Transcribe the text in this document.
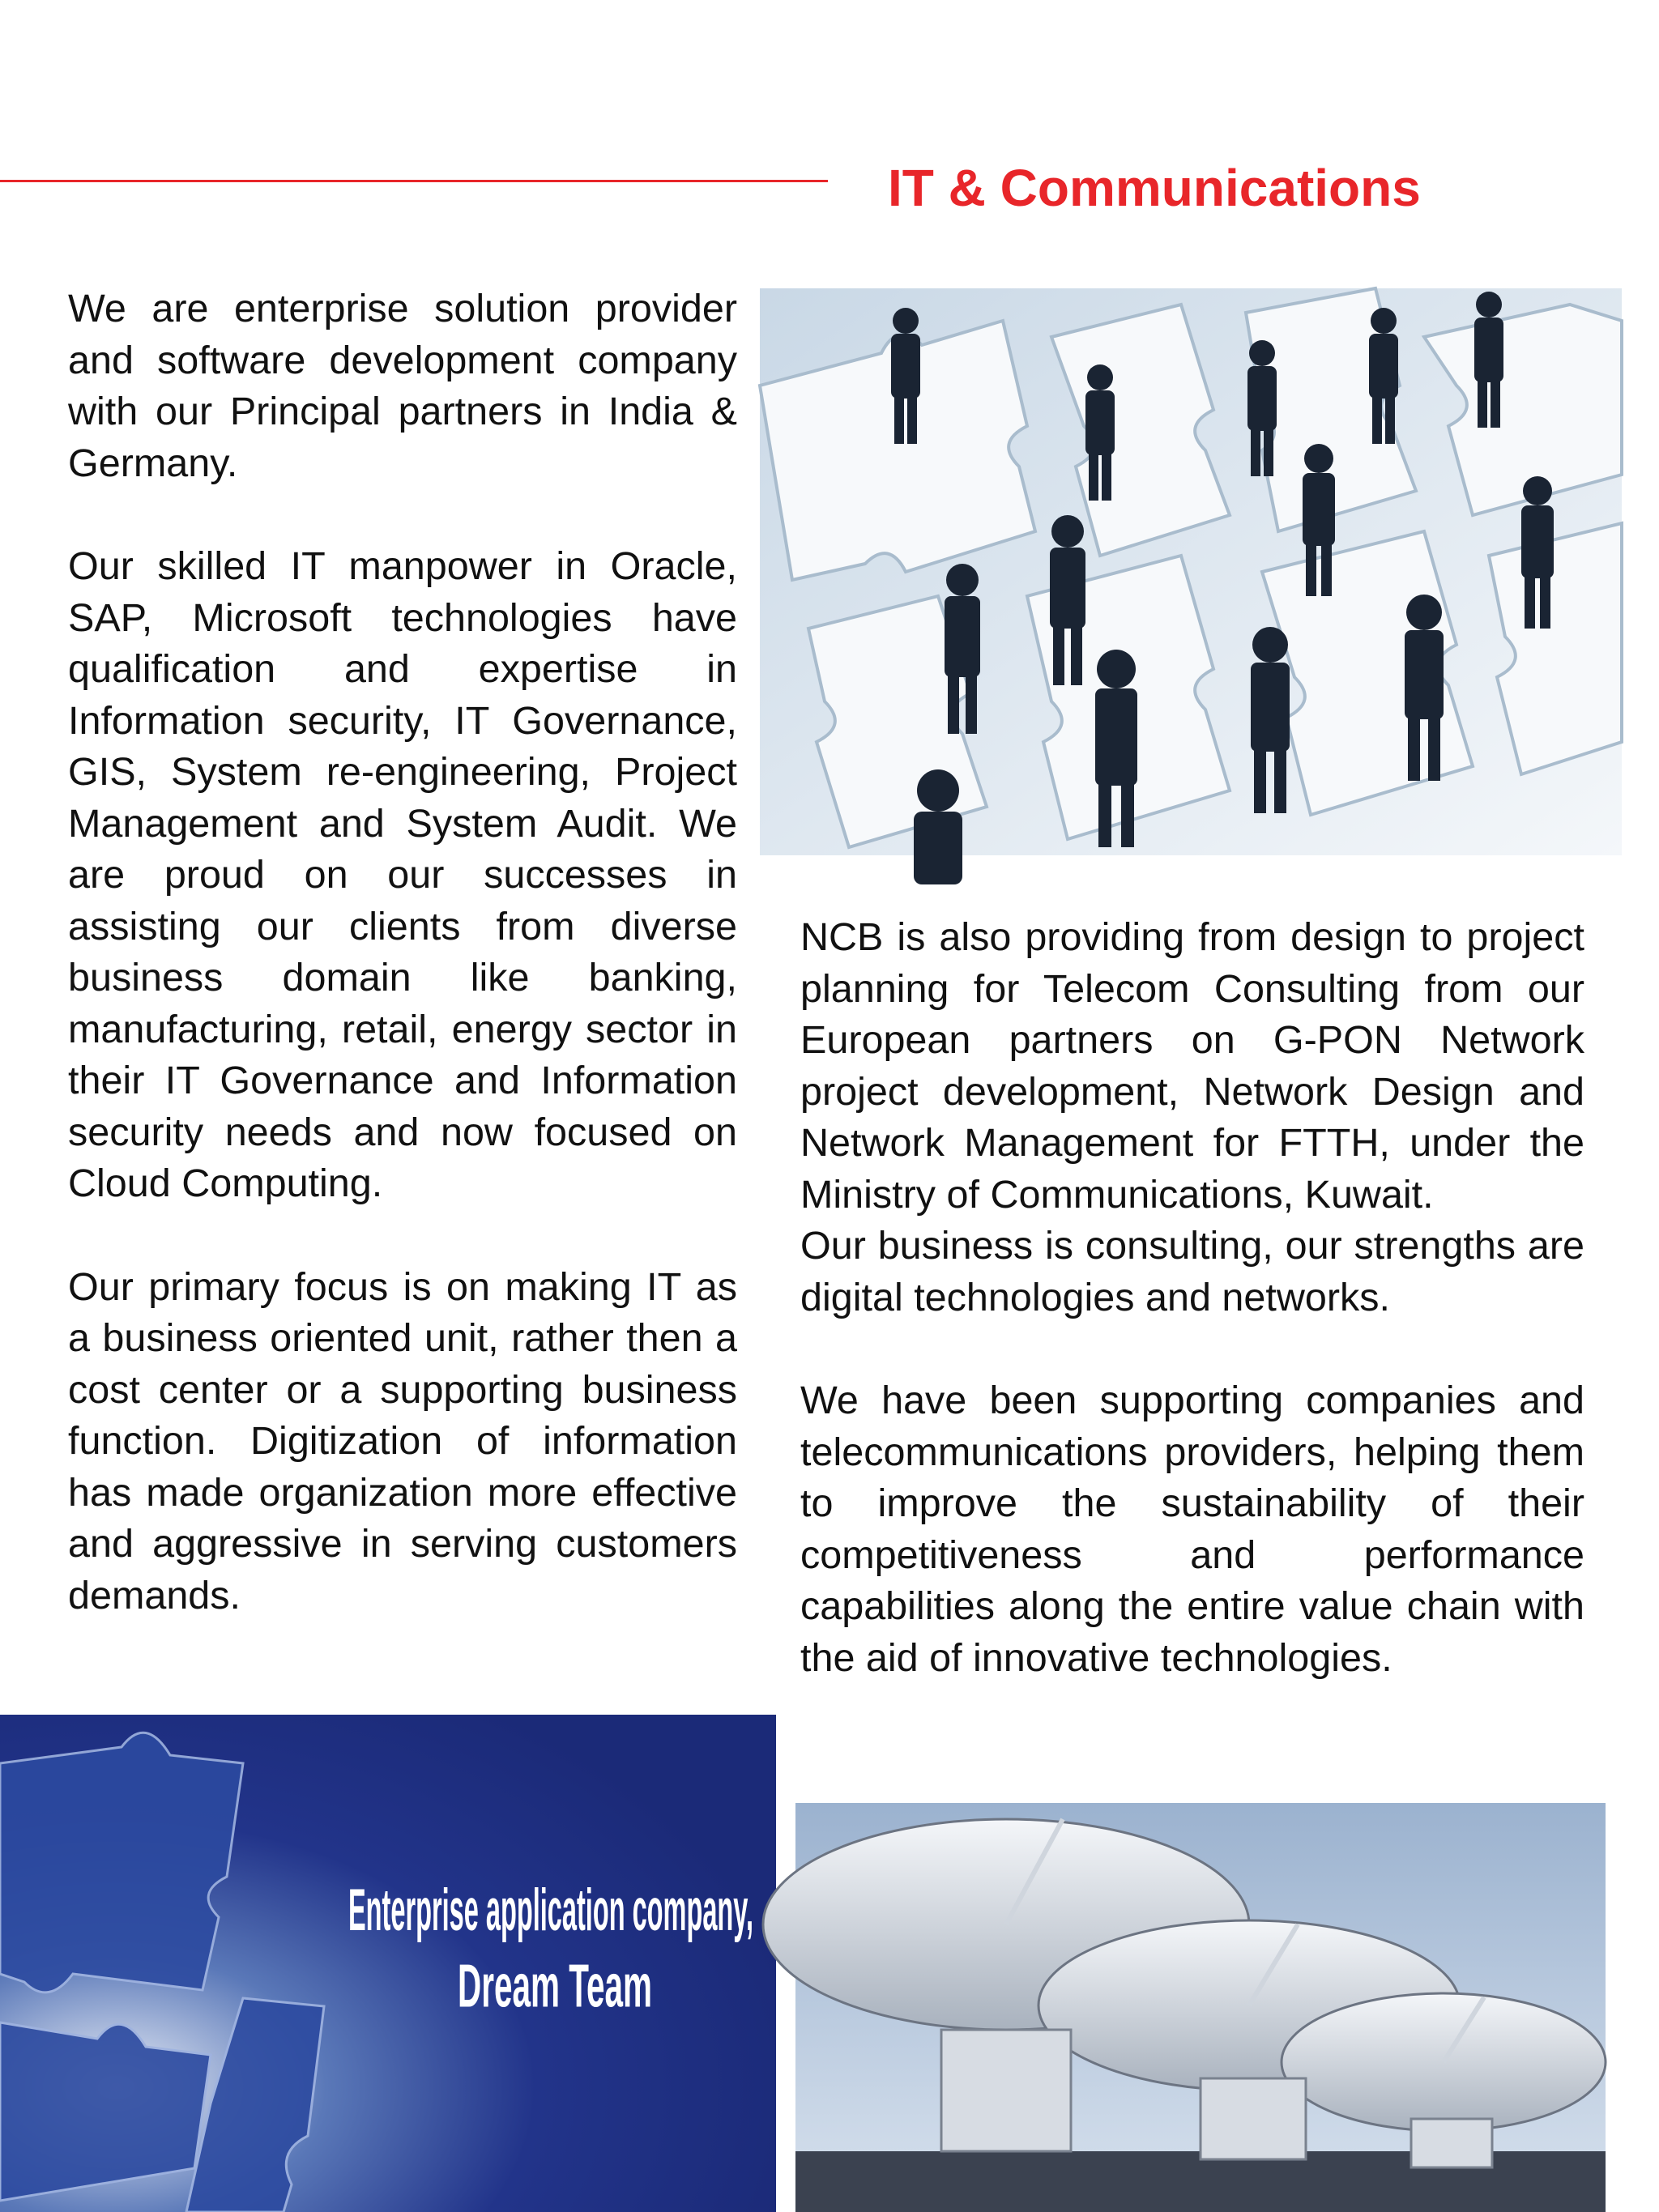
IT & Communications

We are enterprise solution provider and software development company with our Principal partners in India & Germany.

Our skilled IT manpower in Oracle, SAP, Microsoft technologies have qualification and expertise in Information security, IT Governance, GIS, System re-engineering, Project Management and System Audit. We are proud on our successes in assisting our clients from diverse business domain like banking, manufacturing, retail, energy sector in their IT Governance and Information security needs and now focused on Cloud Computing.

Our primary focus is on making IT as a business oriented unit, rather then a cost center or a supporting business function. Digitization of information has made organization more effective and aggressive in serving customers demands.

NCB is also providing from design to project planning for Telecom Consulting from our European partners on G-PON Network project development, Network Design and Network Management for FTTH, under the Ministry of Communications, Kuwait.

Our business is consulting, our strengths are digital technologies and networks.

We have been supporting companies and telecommunications providers, helping them to improve the sustainability of their competitiveness and performance capabilities along the entire value chain with the aid of innovative technologies.

Enterprise application company,
Dream Team
